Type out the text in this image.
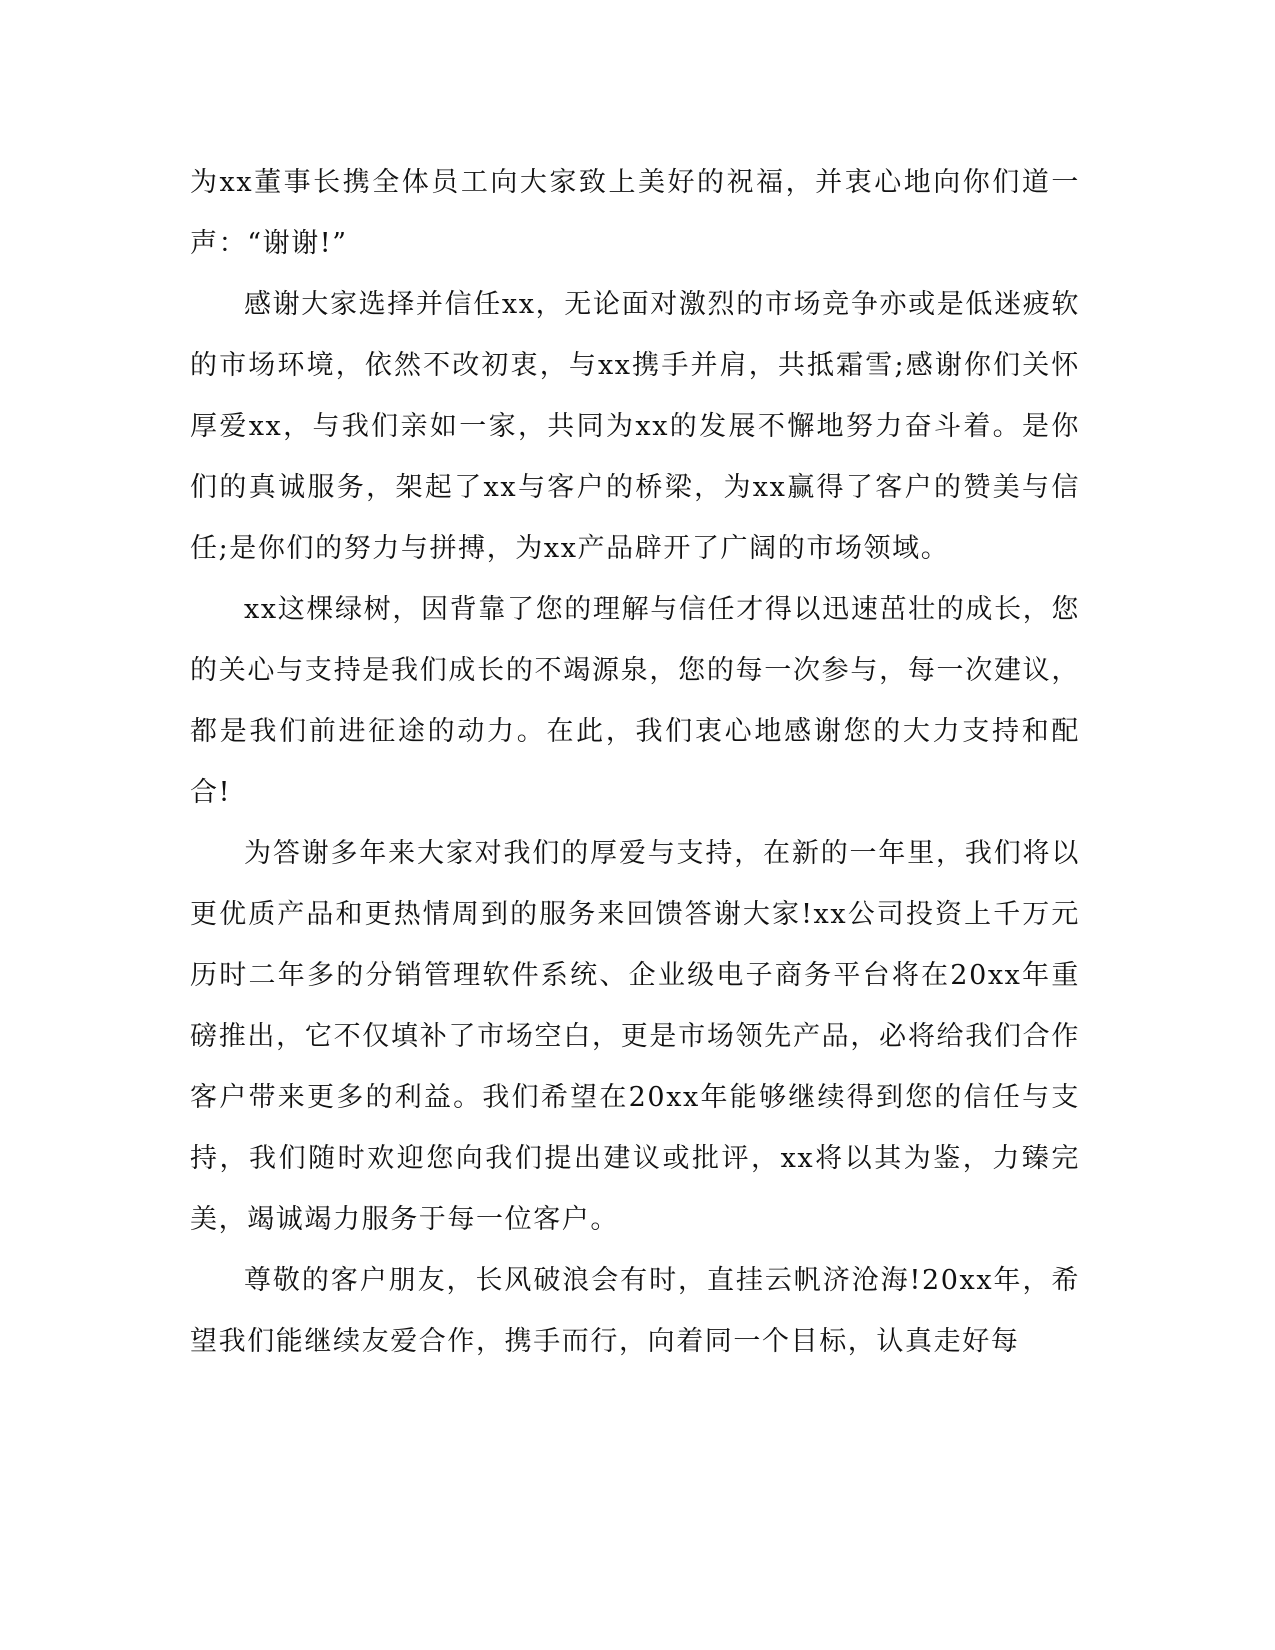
为xx董事长携全体员工向大家致上美好的祝福，并衷心地向你们道一声：“谢谢!”

感谢大家选择并信任xx，无论面对激烈的市场竞争亦或是低迷疲软的市场环境，依然不改初衷，与xx携手并肩，共抵霜雪;感谢你们关怀厚爱xx，与我们亲如一家，共同为xx的发展不懈地努力奋斗着。是你们的真诚服务，架起了xx与客户的桥梁，为xx赢得了客户的赞美与信任;是你们的努力与拼搏，为xx产品辟开了广阔的市场领域。

xx这棵绿树，因背靠了您的理解与信任才得以迅速茁壮的成长，您的关心与支持是我们成长的不竭源泉，您的每一次参与，每一次建议，都是我们前进征途的动力。在此，我们衷心地感谢您的大力支持和配合!

为答谢多年来大家对我们的厚爱与支持，在新的一年里，我们将以更优质产品和更热情周到的服务来回馈答谢大家!xx公司投资上千万元历时二年多的分销管理软件系统、企业级电子商务平台将在20xx年重磅推出，它不仅填补了市场空白，更是市场领先产品，必将给我们合作客户带来更多的利益。我们希望在20xx年能够继续得到您的信任与支持，我们随时欢迎您向我们提出建议或批评，xx将以其为鉴，力臻完美，竭诚竭力服务于每一位客户。

尊敬的客户朋友，长风破浪会有时，直挂云帆济沧海!20xx年，希望我们能继续友爱合作，携手而行，向着同一个目标，认真走好每
